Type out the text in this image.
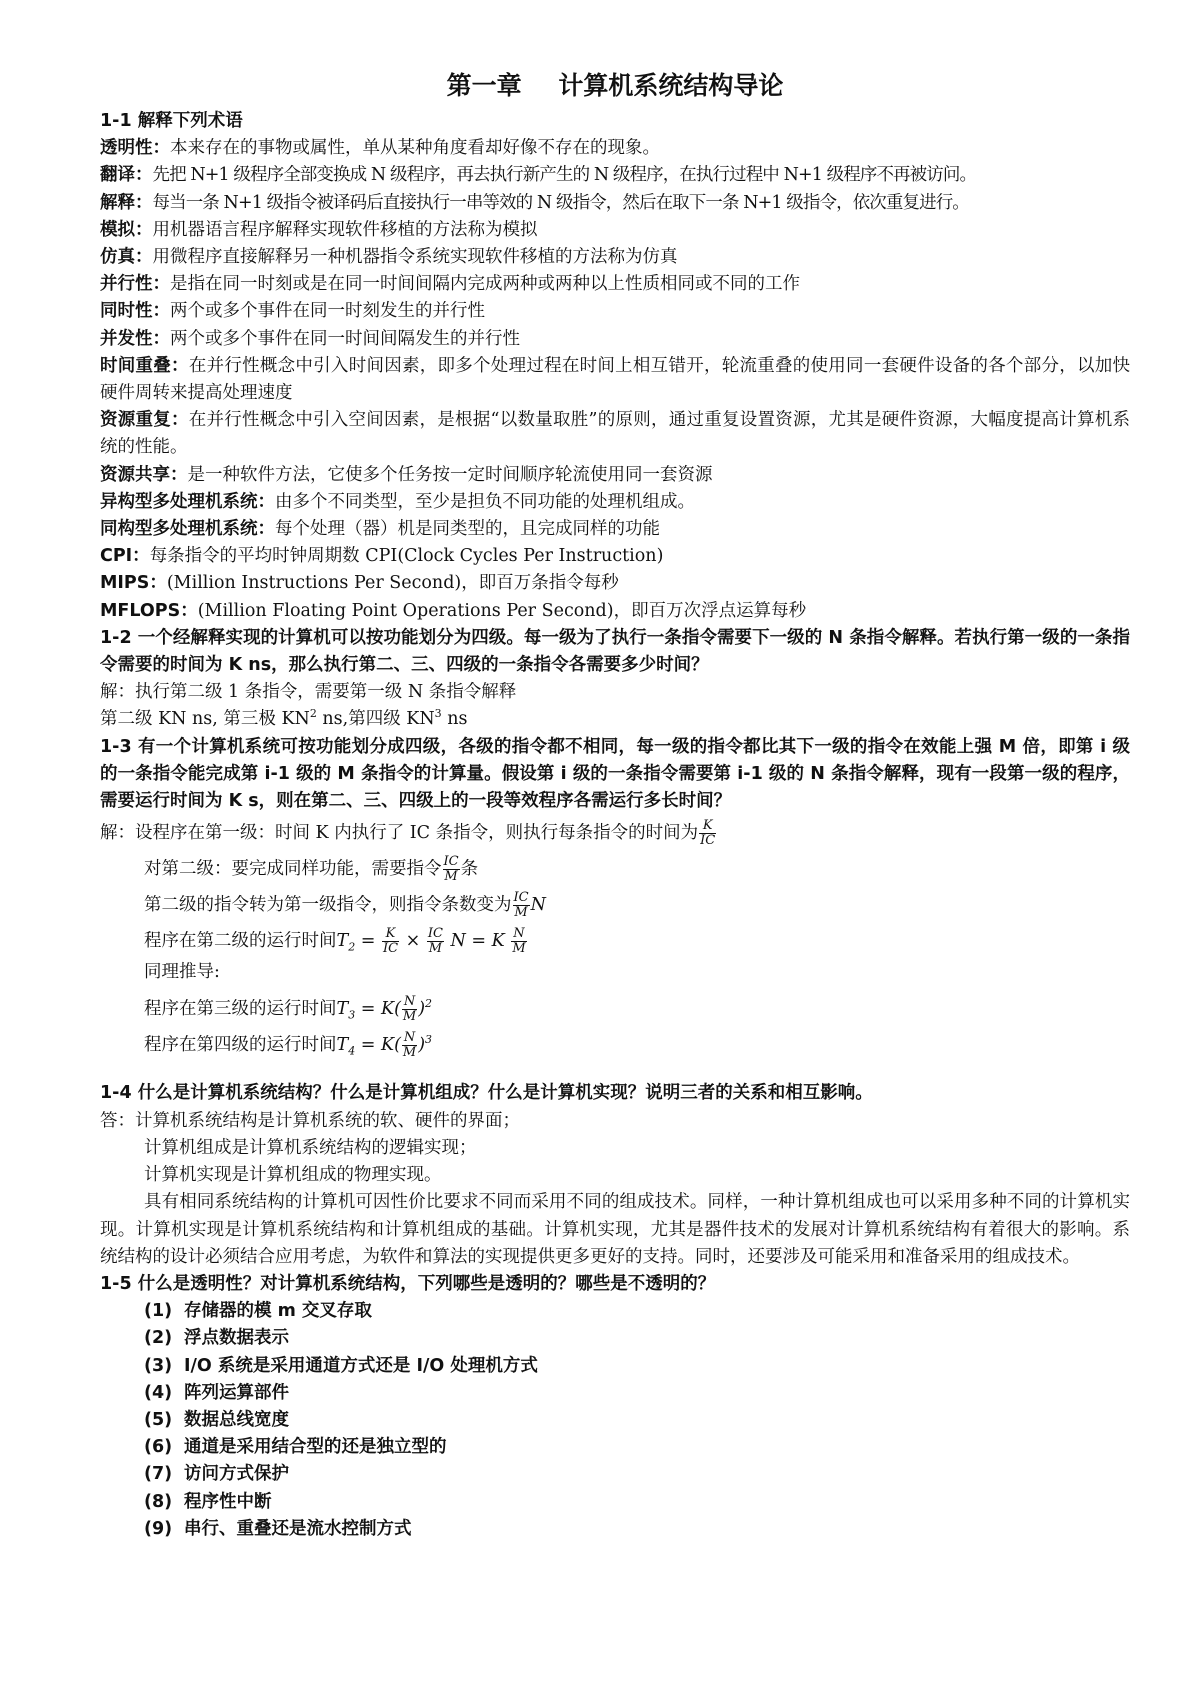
第一章 计算机系统结构导论
1-1 解释下列术语
透明性：本来存在的事物或属性，单从某种角度看却好像不存在的现象。
翻译：先把 N+1 级程序全部变换成 N 级程序，再去执行新产生的 N 级程序，在执行过程中 N+1 级程序不再被访问。
解释：每当一条 N+1 级指令被译码后直接执行一串等效的 N 级指令，然后在取下一条 N+1 级指令，依次重复进行。
模拟：用机器语言程序解释实现软件移植的方法称为模拟
仿真：用微程序直接解释另一种机器指令系统实现软件移植的方法称为仿真
并行性：是指在同一时刻或是在同一时间间隔内完成两种或两种以上性质相同或不同的工作
同时性：两个或多个事件在同一时刻发生的并行性
并发性：两个或多个事件在同一时间间隔发生的并行性
时间重叠：在并行性概念中引入时间因素，即多个处理过程在时间上相互错开，轮流重叠的使用同一套硬件设备的各个部分，以加快硬件周转来提高处理速度
资源重复：在并行性概念中引入空间因素，是根据“以数量取胜”的原则，通过重复设置资源，尤其是硬件资源，大幅度提高计算机系统的性能。
资源共享：是一种软件方法，它使多个任务按一定时间顺序轮流使用同一套资源
异构型多处理机系统：由多个不同类型，至少是担负不同功能的处理机组成。
同构型多处理机系统：每个处理（器）机是同类型的，且完成同样的功能
CPI：每条指令的平均时钟周期数 CPI(Clock Cycles Per Instruction)
MIPS：(Million Instructions Per Second)，即百万条指令每秒
MFLOPS：(Million Floating Point Operations Per Second)，即百万次浮点运算每秒
1-2 一个经解释实现的计算机可以按功能划分为四级。每一级为了执行一条指令需要下一级的 N 条指令解释。若执行第一级的一条指令需要的时间为 K ns，那么执行第二、三、四级的一条指令各需要多少时间？
解：执行第二级 1 条指令，需要第一级 N 条指令解释
第二级 KN ns, 第三极 $KN^2$ ns,第四级 $KN^3$ ns
1-3 有一个计算机系统可按功能划分成四级，各级的指令都不相同，每一级的指令都比其下一级的指令在效能上强 M 倍，即第 i 级的一条指令能完成第 i-1 级的 M 条指令的计算量。假设第 i 级的一条指令需要第 i-1 级的 N 条指令解释，现有一段第一级的程序，需要运行时间为 K s，则在第二、三、四级上的一段等效程序各需运行多长时间？
解：设程序在第一级：时间 K 内执行了 IC 条指令，则执行每条指令的时间为 $\frac{K}{IC}$
对第二级：要完成同样功能，需要指令 $\frac{IC}{M}$ 条
第二级的指令转为第一级指令，则指令条数变为 $\frac{IC}{M}$ N
程序在第二级的运行时间$T_2 = \frac{K}{IC} \times \frac{IC}{M}$ N = K $\frac{N}{M}$
同理推导:
程序在第三级的运行时间$T_3 = K( \frac{N}{M} )^2$
程序在第四级的运行时间$T_4 = K( \frac{N}{M} )^3$
1-4 什么是计算机系统结构？什么是计算机组成？什么是计算机实现？说明三者的关系和相互影响。
答：计算机系统结构是计算机系统的软、硬件的界面；
计算机组成是计算机系统结构的逻辑实现；
计算机实现是计算机组成的物理实现。
具有相同系统结构的计算机可因性价比要求不同而采用不同的组成技术。同样，一种计算机组成也可以采用多种不同的计算机实现。计算机实现是计算机系统结构和计算机组成的基础。计算机实现，尤其是器件技术的发展对计算机系统结构有着很大的影响。系统结构的设计必须结合应用考虑，为软件和算法的实现提供更多更好的支持。同时，还要涉及可能采用和准备采用的组成技术。
1-5 什么是透明性？对计算机系统结构，下列哪些是透明的？哪些是不透明的？
(1) 存储器的模 m 交叉存取
(2) 浮点数据表示
(3) I/O 系统是采用通道方式还是 I/O 处理机方式
(4) 阵列运算部件
(5) 数据总线宽度
(6) 通道是采用结合型的还是独立型的
(7) 访问方式保护
(8) 程序性中断
(9) 串行、重叠还是流水控制方式
